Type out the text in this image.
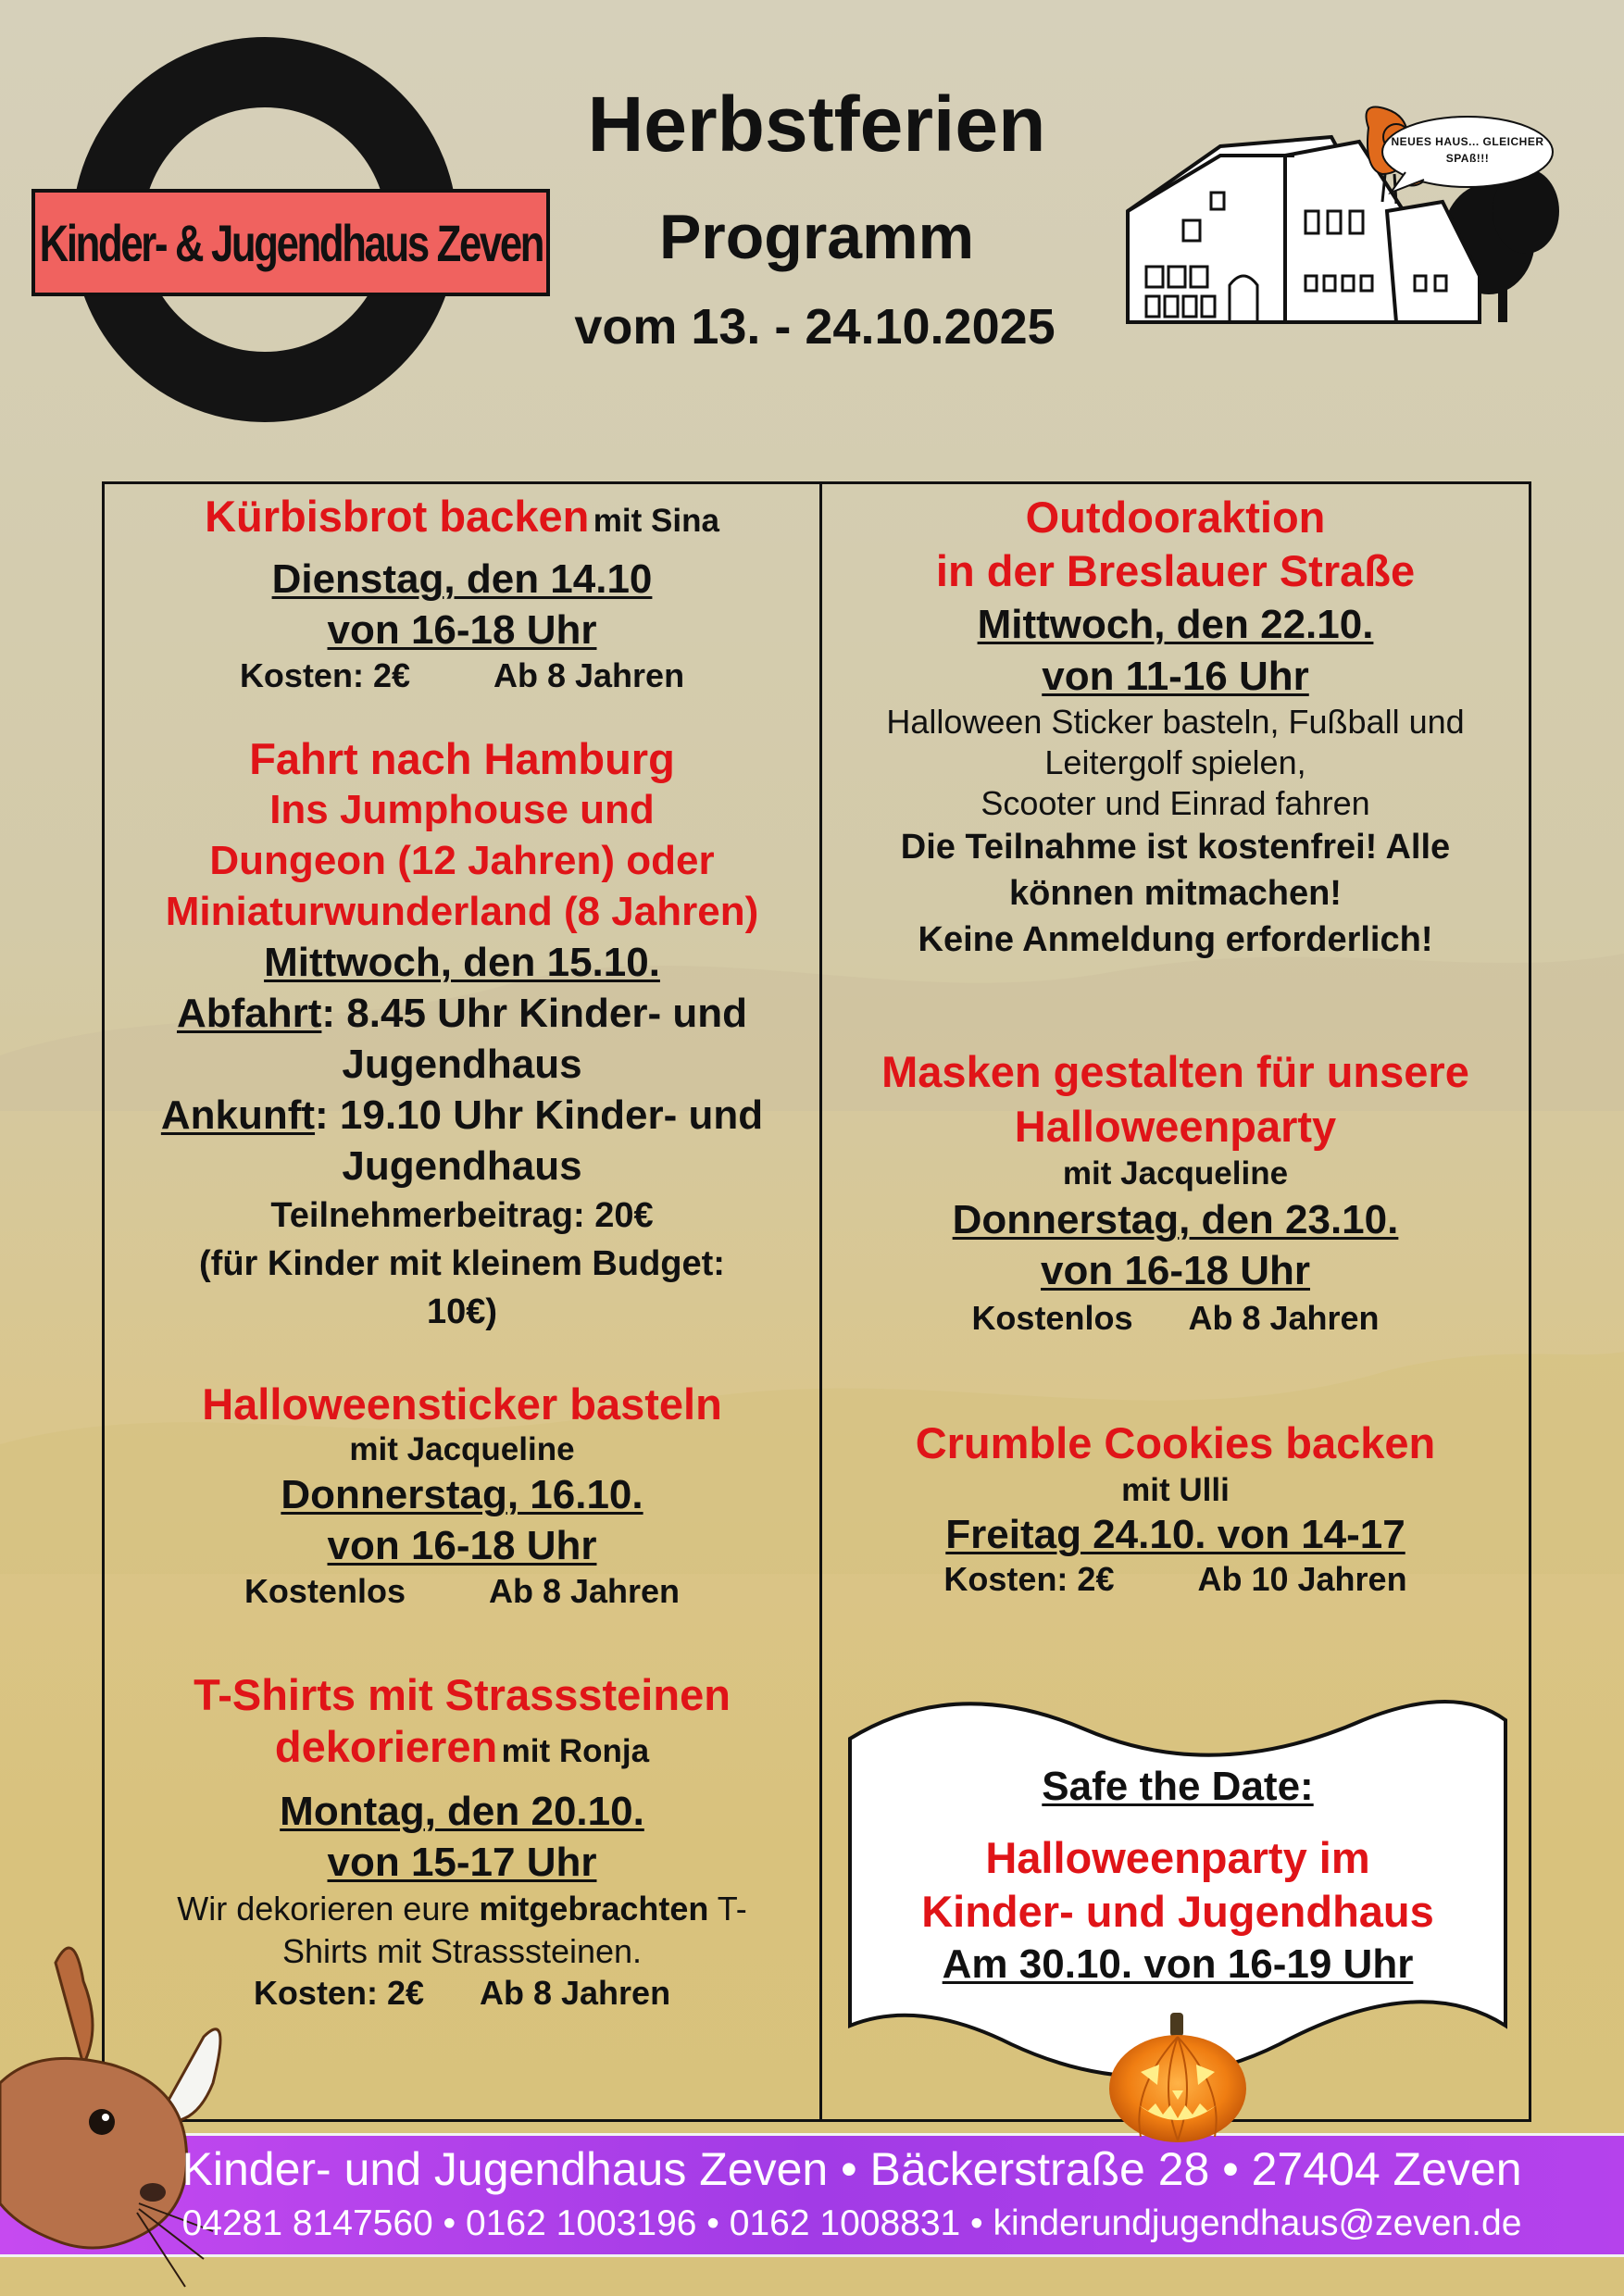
Kinder- & Jugendhaus Zeven
Herbstferien
Programm
vom 13. - 24.10.2025
NEUES HAUS... GLEICHER SPAß!!!
Kürbisbrot backen mit Sina
Dienstag, den 14.10
von 16-18 Uhr
Kosten: 2€	Ab 8 Jahren
Fahrt nach Hamburg
Ins Jumphouse und
Dungeon (12 Jahren) oder
Miniaturwunderland (8 Jahren)
Mittwoch, den 15.10.
Abfahrt: 8.45 Uhr Kinder- und
Jugendhaus
Ankunft: 19.10 Uhr Kinder- und
Jugendhaus
Teilnehmerbeitrag: 20€
(für Kinder mit kleinem Budget:
10€)
Halloweensticker basteln
mit Jacqueline
Donnerstag, 16.10.
von 16-18 Uhr
Kostenlos	Ab 8 Jahren
T-Shirts mit Strasssteinen
dekorieren mit Ronja
Montag, den 20.10.
von 15-17 Uhr
Wir dekorieren eure mitgebrachten T-
Shirts mit Strasssteinen.
Kosten: 2€ Ab 8 Jahren
Outdooraktion
in der Breslauer Straße
Mittwoch, den 22.10.
von 11-16 Uhr
Halloween Sticker basteln, Fußball und
Leitergolf spielen,
Scooter und Einrad fahren
Die Teilnahme ist kostenfrei! Alle
können mitmachen!
Keine Anmeldung erforderlich!
Masken gestalten für unsere
Halloweenparty
mit Jacqueline
Donnerstag, den 23.10.
von 16-18 Uhr
Kostenlos Ab 8 Jahren
Crumble Cookies backen
mit Ulli
Freitag 24.10. von 14-17
Kosten: 2€	Ab 10 Jahren
Safe the Date:
Halloweenparty im
Kinder- und Jugendhaus
Am 30.10. von 16-19 Uhr
Kinder- und Jugendhaus Zeven • Bäckerstraße 28 • 27404 Zeven
04281 8147560 • 0162 1003196 • 0162 1008831 • kinderundjugendhaus@zeven.de
